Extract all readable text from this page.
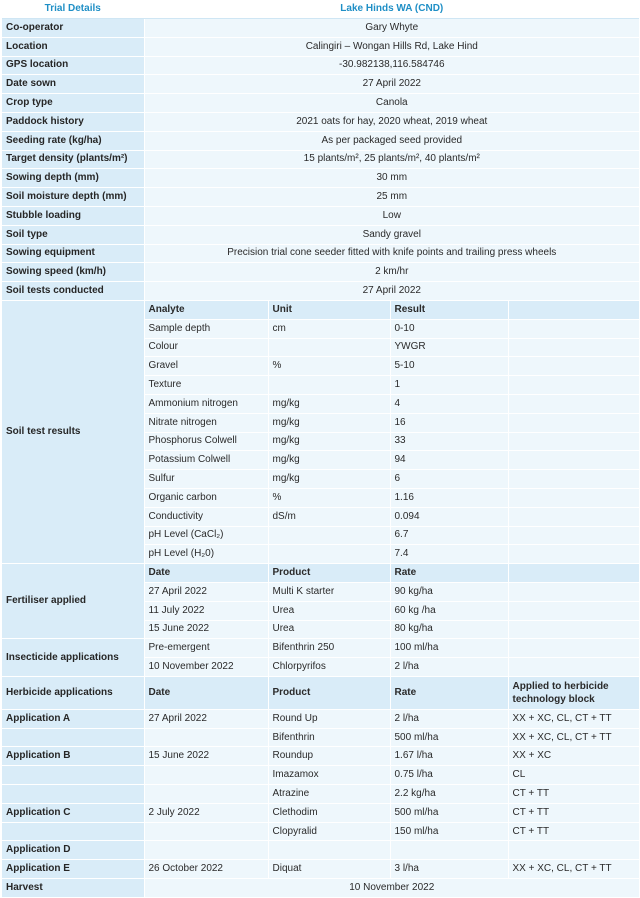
Trial Details	Lake Hinds WA (CND)			
Co-operator	Gary Whyte			
Location	Calingiri – Wongan Hills Rd, Lake Hind			
GPS location	-30.982138,116.584746			
Date sown	27 April 2022			
Crop type	Canola			
Paddock history	2021 oats for hay, 2020 wheat, 2019 wheat			
Seeding rate (kg/ha)	As per packaged seed provided			
Target density (plants/m²)	15 plants/m², 25 plants/m², 40 plants/m²			
Sowing depth (mm)	30 mm			
Soil moisture depth (mm)	25 mm			
Stubble loading	Low			
Soil type	Sandy gravel			
Sowing equipment	Precision trial cone seeder fitted with knife points and trailing press wheels			
Sowing speed (km/h)	2 km/hr			
Soil tests conducted	27 April 2022			
Soil test results	Analyte	Unit	Result	
	Sample depth	cm	0-10	
	Colour		YWGR	
	Gravel	%	5-10	
	Texture		1	
	Ammonium nitrogen	mg/kg	4	
	Nitrate nitrogen	mg/kg	16	
	Phosphorus Colwell	mg/kg	33	
	Potassium Colwell	mg/kg	94	
	Sulfur	mg/kg	6	
	Organic carbon	%	1.16	
	Conductivity	dS/m	0.094	
	pH Level (CaCl₂)		6.7	
	pH Level (H₂0)		7.4	
Fertiliser applied	Date	Product	Rate	
	27 April 2022	Multi K starter	90 kg/ha	
	11 July 2022	Urea	60 kg /ha	
	15 June 2022	Urea	80 kg/ha	
Insecticide applications	Pre-emergent	Bifenthrin 250	100 ml/ha	
	10 November 2022	Chlorpyrifos	2 l/ha	
Herbicide applications	Date	Product	Rate	Applied to herbicide technology block
Application A	27 April 2022	Round Up	2 l/ha	XX + XC, CL, CT + TT
		Bifenthrin	500 ml/ha	XX + XC, CL, CT + TT
Application B	15 June 2022	Roundup	1.67 l/ha	XX + XC
		Imazamox	0.75 l/ha	CL
		Atrazine	2.2 kg/ha	CT + TT
Application C	2 July 2022	Clethodim	500 ml/ha	CT + TT
		Clopyralid	150 ml/ha	CT + TT
Application D				
Application E	26 October 2022	Diquat	3 l/ha	XX + XC, CL, CT + TT
Harvest	10 November 2022			
